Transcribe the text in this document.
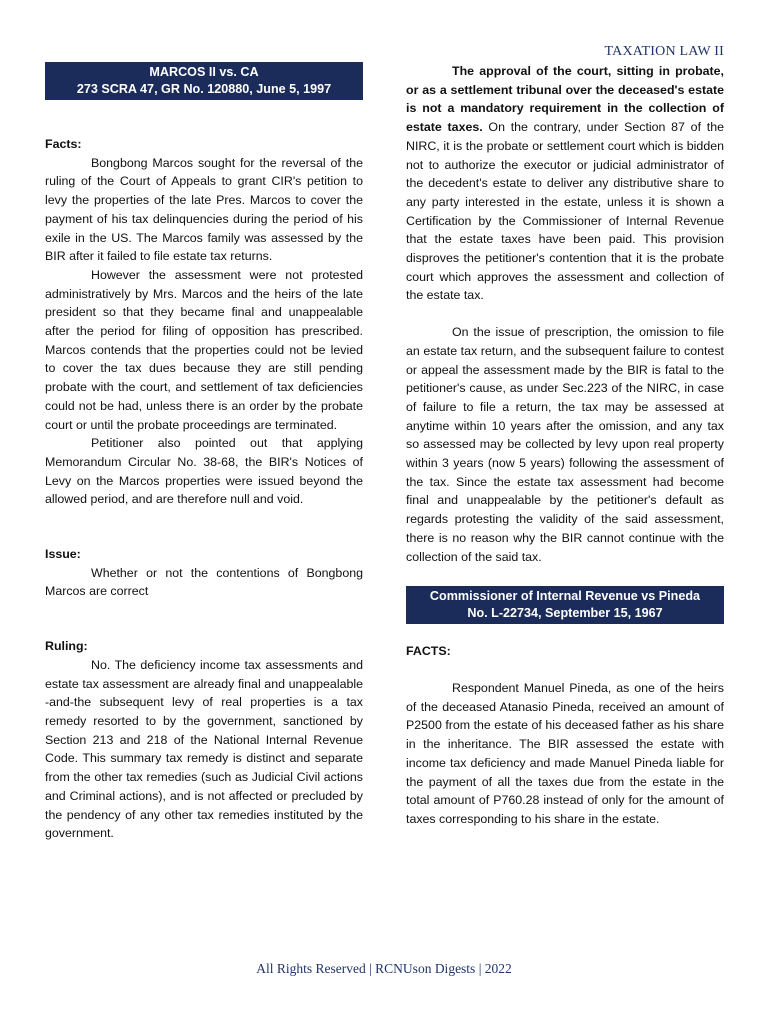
TAXATION LAW II
MARCOS II vs. CA
273 SCRA 47, GR No. 120880, June 5, 1997

Facts:

Bongbong Marcos sought for the reversal of the ruling of the Court of Appeals to grant CIR's petition to levy the properties of the late Pres. Marcos to cover the payment of his tax delinquencies during the period of his exile in the US. The Marcos family was assessed by the BIR after it failed to file estate tax returns.

However the assessment were not protested administratively by Mrs. Marcos and the heirs of the late president so that they became final and unappealable after the period for filing of opposition has prescribed. Marcos contends that the properties could not be levied to cover the tax dues because they are still pending probate with the court, and settlement of tax deficiencies could not be had, unless there is an order by the probate court or until the probate proceedings are terminated.

Petitioner also pointed out that applying Memorandum Circular No. 38-68, the BIR's Notices of Levy on the Marcos properties were issued beyond the allowed period, and are therefore null and void.

Issue:

Whether or not the contentions of Bongbong Marcos are correct

Ruling:

No. The deficiency income tax assessments and estate tax assessment are already final and unappealable -and-the subsequent levy of real properties is a tax remedy resorted to by the government, sanctioned by Section 213 and 218 of the National Internal Revenue Code. This summary tax remedy is distinct and separate from the other tax remedies (such as Judicial Civil actions and Criminal actions), and is not affected or precluded by the pendency of any other tax remedies instituted by the government.

The approval of the court, sitting in probate, or as a settlement tribunal over the deceased's estate is not a mandatory requirement in the collection of estate taxes. On the contrary, under Section 87 of the NIRC, it is the probate or settlement court which is bidden not to authorize the executor or judicial administrator of the decedent's estate to deliver any distributive share to any party interested in the estate, unless it is shown a Certification by the Commissioner of Internal Revenue that the estate taxes have been paid. This provision disproves the petitioner's contention that it is the probate court which approves the assessment and collection of the estate tax.

On the issue of prescription, the omission to file an estate tax return, and the subsequent failure to contest or appeal the assessment made by the BIR is fatal to the petitioner's cause, as under Sec.223 of the NIRC, in case of failure to file a return, the tax may be assessed at anytime within 10 years after the omission, and any tax so assessed may be collected by levy upon real property within 3 years (now 5 years) following the assessment of the tax. Since the estate tax assessment had become final and unappealable by the petitioner's default as regards protesting the validity of the said assessment, there is no reason why the BIR cannot continue with the collection of the said tax.

Commissioner of Internal Revenue vs Pineda
No. L-22734, September 15, 1967

FACTS:

Respondent Manuel Pineda, as one of the heirs of the deceased Atanasio Pineda, received an amount of P2500 from the estate of his deceased father as his share in the inheritance. The BIR assessed the estate with income tax deficiency and made Manuel Pineda liable for the payment of all the taxes due from the estate in the total amount of P760.28 instead of only for the amount of taxes corresponding to his share in the estate.

All Rights Reserved | RCNUson Digests | 2022
